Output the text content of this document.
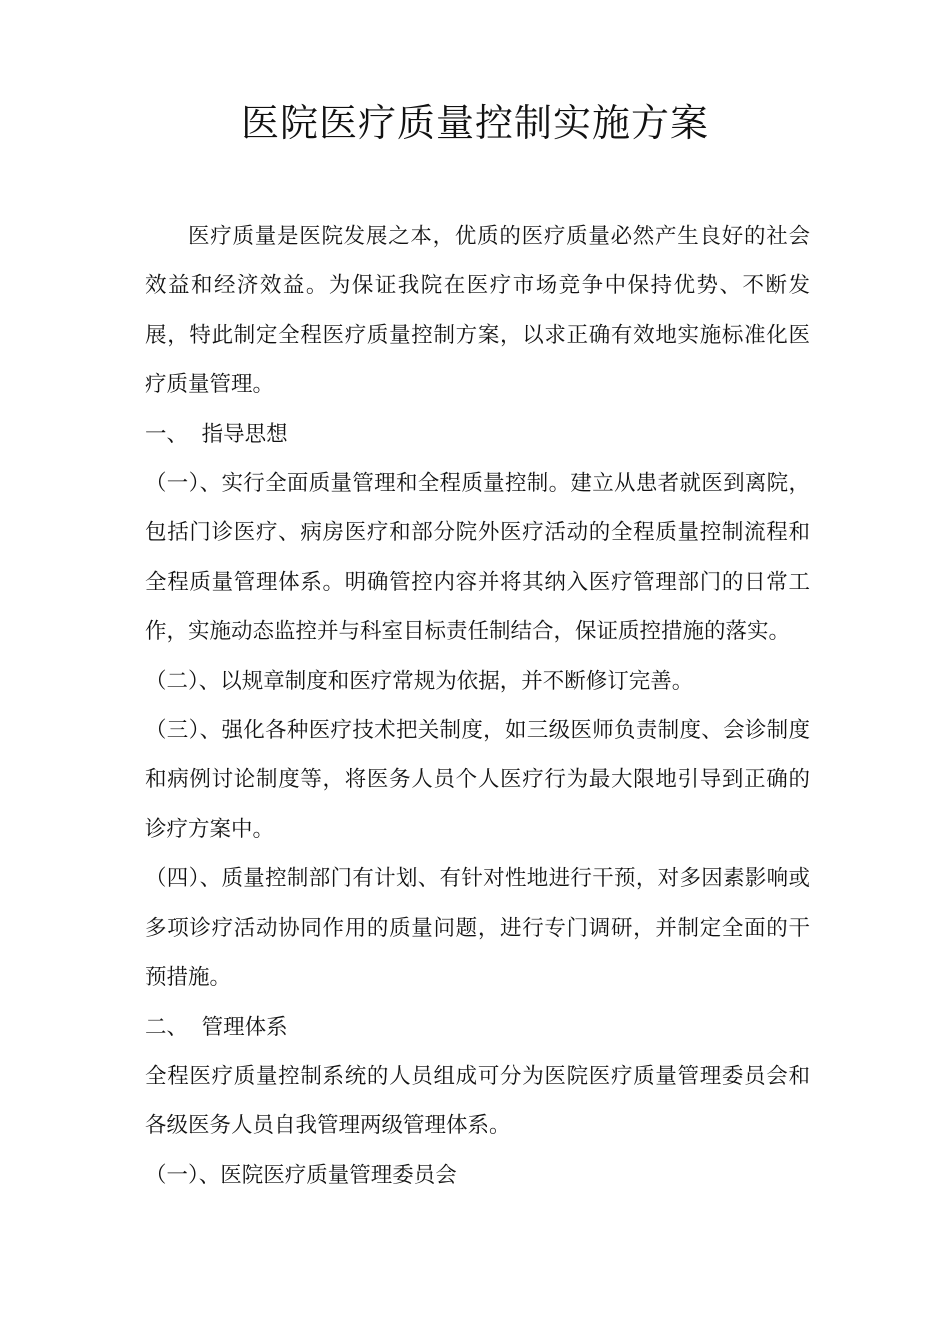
医院医疗质量控制实施方案

医疗质量是医院发展之本，优质的医疗质量必然产生良好的社会效益和经济效益。为保证我院在医疗市场竞争中保持优势、不断发展，特此制定全程医疗质量控制方案，以求正确有效地实施标准化医疗质量管理。

一、  指导思想

（一）、实行全面质量管理和全程质量控制。建立从患者就医到离院，包括门诊医疗、病房医疗和部分院外医疗活动的全程质量控制流程和全程质量管理体系。明确管控内容并将其纳入医疗管理部门的日常工作，实施动态监控并与科室目标责任制结合，保证质控措施的落实。

（二）、以规章制度和医疗常规为依据，并不断修订完善。

（三）、强化各种医疗技术把关制度，如三级医师负责制度、会诊制度和病例讨论制度等，将医务人员个人医疗行为最大限地引导到正确的诊疗方案中。

（四）、质量控制部门有计划、有针对性地进行干预，对多因素影响或多项诊疗活动协同作用的质量问题，进行专门调研，并制定全面的干预措施。

二、  管理体系

全程医疗质量控制系统的人员组成可分为医院医疗质量管理委员会和各级医务人员自我管理两级管理体系。

（一）、医院医疗质量管理委员会
